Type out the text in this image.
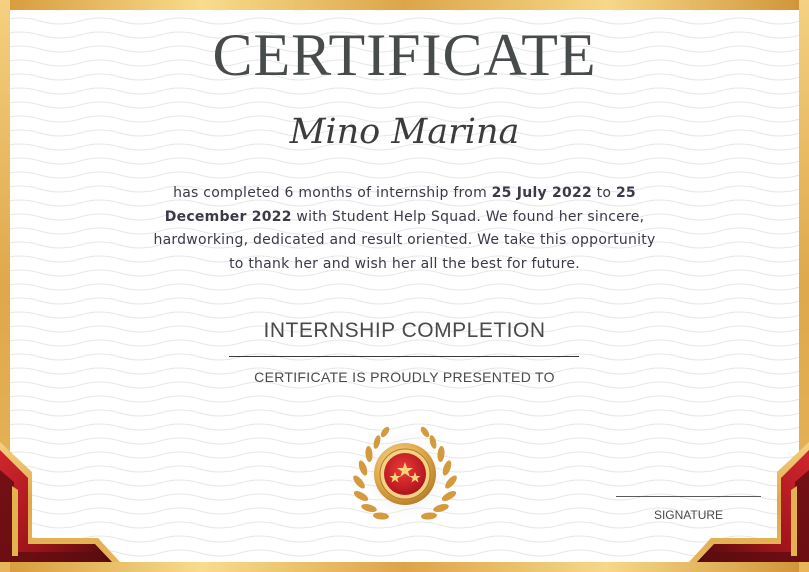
CERTIFICATE
Mino Marina
has completed 6 months of internship from 25 July 2022 to 25 December 2022 with Student Help Squad. We found her sincere, hardworking, dedicated and result oriented. We take this opportunity to thank her and wish her all the best for future.
INTERNSHIP COMPLETION
CERTIFICATE IS PROUDLY PRESENTED TO
SIGNATURE
